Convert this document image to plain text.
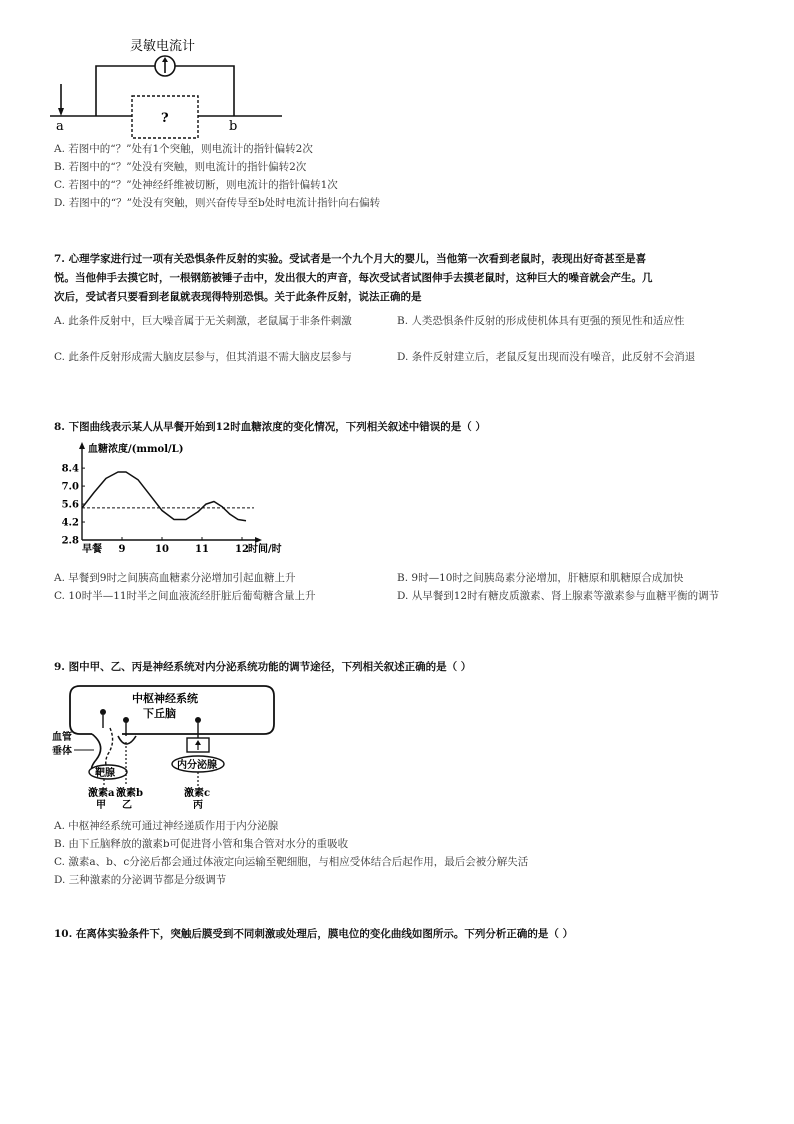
灵敏电流计
?
a	b
A. 若图中的“？”处有1个突触，则电流计的指针偏转2次
B. 若图中的“？”处没有突触，则电流计的指针偏转2次
C. 若图中的“？”处神经纤维被切断，则电流计的指针偏转1次
D. 若图中的“？”处没有突触，则兴奋传导至b处时电流计指针向右偏转
7. 心理学家进行过一项有关恐惧条件反射的实验。受试者是一个九个月大的婴儿，当他第一次看到老鼠时，表现出好奇甚至是喜
悦。当他伸手去摸它时，一根钢筋被锤子击中，发出很大的声音，每次受试者试图伸手去摸老鼠时，这种巨大的噪音就会产生。几
次后，受试者只要看到老鼠就表现得特别恐惧。关于此条件反射，说法正确的是
A. 此条件反射中，巨大噪音属于无关刺激，老鼠属于非条件刺激	B. 人类恐惧条件反射的形成使机体具有更强的预见性和适应性
C. 此条件反射形成需大脑皮层参与，但其消退不需大脑皮层参与	D. 条件反射建立后，老鼠反复出现而没有噪音，此反射不会消退
8. 下图曲线表示某人从早餐开始到12时血糖浓度的变化情况，下列相关叙述中错误的是（ ）
血糖浓度/(mmol/L)
2.8
4.2
5.6
7.0
8.4
早餐 9	10	11	12 时间/时
A. 早餐到9时之间胰高血糖素分泌增加引起血糖上升	B. 9时—10时之间胰岛素分泌增加，肝糖原和肌糖原合成加快
C. 10时半—11时半之间血液流经肝脏后葡萄糖含量上升	D. 从早餐到12时有糖皮质激素、肾上腺素等激素参与血糖平衡的调节
9. 图中甲、乙、丙是神经系统对内分泌系统功能的调节途径，下列相关叙述正确的是（ ）
中枢神经系统
下丘脑
血管
垂体
靶腺
激素a 激素b
甲 乙
内分泌腺
激素c
丙
A. 中枢神经系统可通过神经递质作用于内分泌腺
B. 由下丘脑释放的激素b可促进肾小管和集合管对水分的重吸收
C. 激素a、b、c分泌后都会通过体液定向运输至靶细胞，与相应受体结合后起作用，最后会被分解失活
D. 三种激素的分泌调节都是分级调节
10. 在离体实验条件下，突触后膜受到不同刺激或处理后，膜电位的变化曲线如图所示。下列分析正确的是（ ）
